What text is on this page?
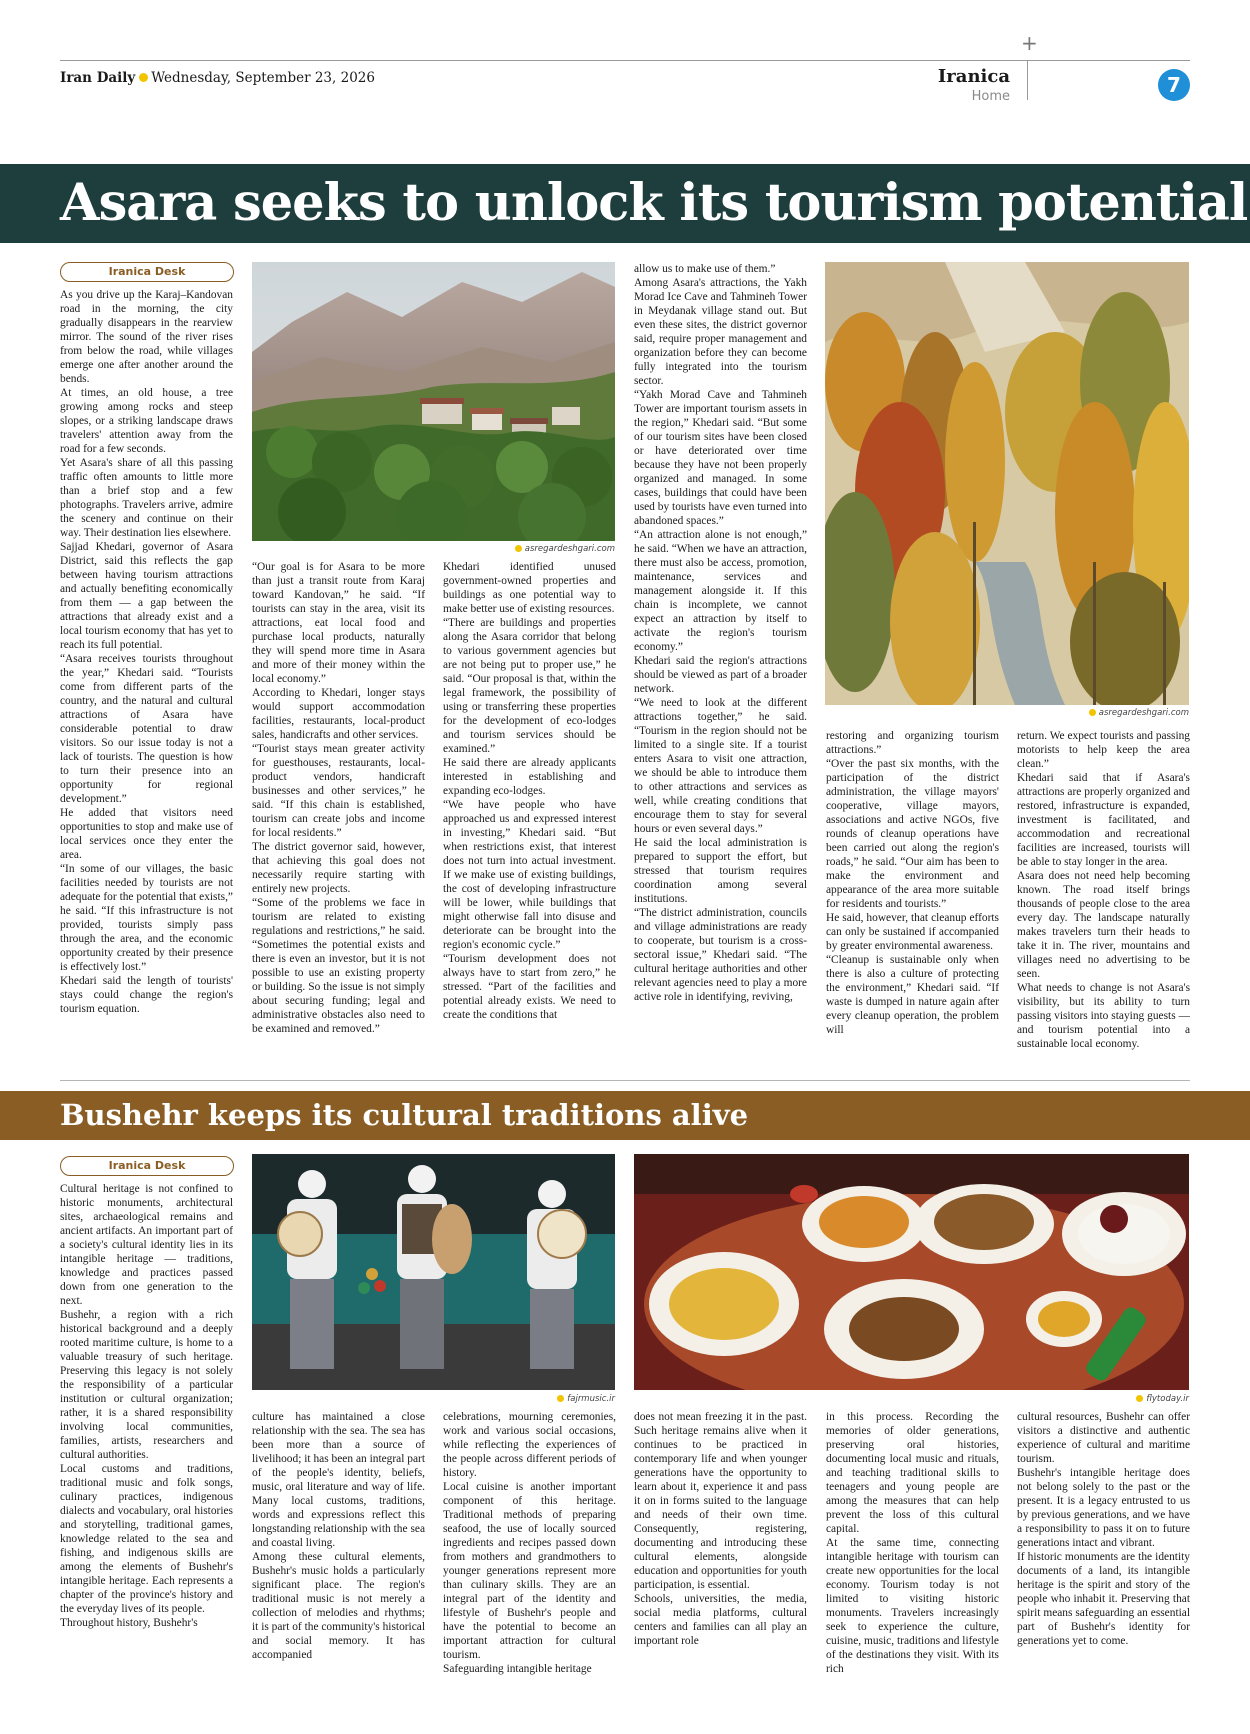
Iran Daily Wednesday, September 23, 2026
+
Iranica
Home	7
Asara seeks to unlock its tourism potential
Iranica Desk

As you drive up the Karaj–Kandovan road in the morning, the city gradually disappears in the rearview mirror. The sound of the river rises from below the road, while villages emerge one after another around the bends.

At times, an old house, a tree growing among rocks and steep slopes, or a striking landscape draws travelers' attention away from the road for a few seconds.

Yet Asara's share of all this passing traffic often amounts to little more than a brief stop and a few photographs. Travelers arrive, admire the scenery and continue on their way. Their destination lies elsewhere.

Sajjad Khedari, governor of Asara District, said this reflects the gap between having tourism attractions and actually benefiting economically from them — a gap between the attractions that already exist and a local tourism economy that has yet to reach its full potential.

“Asara receives tourists throughout the year,” Khedari said. “Tourists come from different parts of the country, and the natural and cultural attractions of Asara have considerable potential to draw visitors. So our issue today is not a lack of tourists. The question is how to turn their presence into an opportunity for regional development.”

He added that visitors need opportunities to stop and make use of local services once they enter the area.

“In some of our villages, the basic facilities needed by tourists are not adequate for the potential that exists,” he said. “If this infrastructure is not provided, tourists simply pass through the area, and the economic opportunity created by their presence is effectively lost.”

Khedari said the length of tourists' stays could change the region's tourism equation.

asregardeshgari.com

“Our goal is for Asara to be more than just a transit route from Karaj toward Kandovan,” he said. “If tourists can stay in the area, visit its attractions, eat local food and purchase local products, naturally they will spend more time in Asara and more of their money within the local economy.”

According to Khedari, longer stays would support accommodation facilities, restaurants, local-product sales, handicrafts and other services.

“Tourist stays mean greater activity for guesthouses, restaurants, local-product vendors, handicraft businesses and other services,” he said. “If this chain is established, tourism can create jobs and income for local residents.”

The district governor said, however, that achieving this goal does not necessarily require starting with entirely new projects.

“Some of the problems we face in tourism are related to existing regulations and restrictions,” he said. “Sometimes the potential exists and there is even an investor, but it is not possible to use an existing property or building. So the issue is not simply about securing funding; legal and administrative obstacles also need to be examined and removed.”

Khedari identified unused government-owned properties and buildings as one potential way to make better use of existing resources.

“There are buildings and properties along the Asara corridor that belong to various government agencies but are not being put to proper use,” he said. “Our proposal is that, within the legal framework, the possibility of using or transferring these properties for the development of eco-lodges and tourism services should be examined.”

He said there are already applicants interested in establishing and expanding eco-lodges.

“We have people who have approached us and expressed interest in investing,” Khedari said. “But when restrictions exist, that interest does not turn into actual investment. If we make use of existing buildings, the cost of developing infrastructure will be lower, while buildings that might otherwise fall into disuse and deteriorate can be brought into the region's economic cycle.”

“Tourism development does not always have to start from zero,” he stressed. “Part of the facilities and potential already exists. We need to create the conditions that

allow us to make use of them.”

Among Asara's attractions, the Yakh Morad Ice Cave and Tahmineh Tower in Meydanak village stand out. But even these sites, the district governor said, require proper management and organization before they can become fully integrated into the tourism sector.

“Yakh Morad Cave and Tahmineh Tower are important tourism assets in the region,” Khedari said. “But some of our tourism sites have been closed or have deteriorated over time because they have not been properly organized and managed. In some cases, buildings that could have been used by tourists have even turned into abandoned spaces.”

“An attraction alone is not enough,” he said. “When we have an attraction, there must also be access, promotion, maintenance, services and management alongside it. If this chain is incomplete, we cannot expect an attraction by itself to activate the region's tourism economy.”

Khedari said the region's attractions should be viewed as part of a broader network.

“We need to look at the different attractions together,” he said. “Tourism in the region should not be limited to a single site. If a tourist enters Asara to visit one attraction, we should be able to introduce them to other attractions and services as well, while creating conditions that encourage them to stay for several hours or even several days.”

He said the local administration is prepared to support the effort, but stressed that tourism requires coordination among several institutions.

“The district administration, councils and village administrations are ready to cooperate, but tourism is a cross-sectoral issue,” Khedari said. “The cultural heritage authorities and other relevant agencies need to play a more active role in identifying, reviving,

asregardeshgari.com

restoring and organizing tourism attractions.”

“Over the past six months, with the participation of the district administration, the village mayors' cooperative, village mayors, associations and active NGOs, five rounds of cleanup operations have been carried out along the region's roads,” he said. “Our aim has been to make the environment and appearance of the area more suitable for residents and tourists.”

He said, however, that cleanup efforts can only be sustained if accompanied by greater environmental awareness.

“Cleanup is sustainable only when there is also a culture of protecting the environment,” Khedari said. “If waste is dumped in nature again after every cleanup operation, the problem will

return. We expect tourists and passing motorists to help keep the area clean.”

Khedari said that if Asara's attractions are properly organized and restored, infrastructure is expanded, investment is facilitated, and accommodation and recreational facilities are increased, tourists will be able to stay longer in the area.

Asara does not need help becoming known. The road itself brings thousands of people close to the area every day. The landscape naturally makes travelers turn their heads to take it in. The river, mountains and villages need no advertising to be seen.

What needs to change is not Asara's visibility, but its ability to turn passing visitors into staying guests — and tourism potential into a sustainable local economy.

Bushehr keeps its cultural traditions alive
Iranica Desk

Cultural heritage is not confined to historic monuments, architectural sites, archaeological remains and ancient artifacts. An important part of a society's cultural identity lies in its intangible heritage — traditions, knowledge and practices passed down from one generation to the next.

Bushehr, a region with a rich historical background and a deeply rooted maritime culture, is home to a valuable treasury of such heritage. Preserving this legacy is not solely the responsibility of a particular institution or cultural organization; rather, it is a shared responsibility involving local communities, families, artists, researchers and cultural authorities.

Local customs and traditions, traditional music and folk songs, culinary practices, indigenous dialects and vocabulary, oral histories and storytelling, traditional games, knowledge related to the sea and fishing, and indigenous skills are among the elements of Bushehr's intangible heritage. Each represents a chapter of the province's history and the everyday lives of its people.

Throughout history, Bushehr's

fajrmusic.ir

culture has maintained a close relationship with the sea. The sea has been more than a source of livelihood; it has been an integral part of the people's identity, beliefs, music, oral literature and way of life. Many local customs, traditions, words and expressions reflect this longstanding relationship with the sea and coastal living.

Among these cultural elements, Bushehr's music holds a particularly significant place. The region's traditional music is not merely a collection of melodies and rhythms; it is part of the community's historical and social memory. It has accompanied

celebrations, mourning ceremonies, work and various social occasions, while reflecting the experiences of the people across different periods of history.

Local cuisine is another important component of this heritage. Traditional methods of preparing seafood, the use of locally sourced ingredients and recipes passed down from mothers and grandmothers to younger generations represent more than culinary skills. They are an integral part of the identity and lifestyle of Bushehr's people and have the potential to become an important attraction for cultural tourism.

Safeguarding intangible heritage

flytoday.ir

does not mean freezing it in the past. Such heritage remains alive when it continues to be practiced in contemporary life and when younger generations have the opportunity to learn about it, experience it and pass it on in forms suited to the language and needs of their own time. Consequently, registering, documenting and introducing these cultural elements, alongside education and opportunities for youth participation, is essential.

Schools, universities, the media, social media platforms, cultural centers and families can all play an important role

in this process. Recording the memories of older generations, preserving oral histories, documenting local music and rituals, and teaching traditional skills to teenagers and young people are among the measures that can help prevent the loss of this cultural capital.

At the same time, connecting intangible heritage with tourism can create new opportunities for the local economy. Tourism today is not limited to visiting historic monuments. Travelers increasingly seek to experience the culture, cuisine, music, traditions and lifestyle of the destinations they visit. With its rich

cultural resources, Bushehr can offer visitors a distinctive and authentic experience of cultural and maritime tourism.

Bushehr's intangible heritage does not belong solely to the past or the present. It is a legacy entrusted to us by previous generations, and we have a responsibility to pass it on to future generations intact and vibrant.

If historic monuments are the identity documents of a land, its intangible heritage is the spirit and story of the people who inhabit it. Preserving that spirit means safeguarding an essential part of Bushehr's identity for generations yet to come.
